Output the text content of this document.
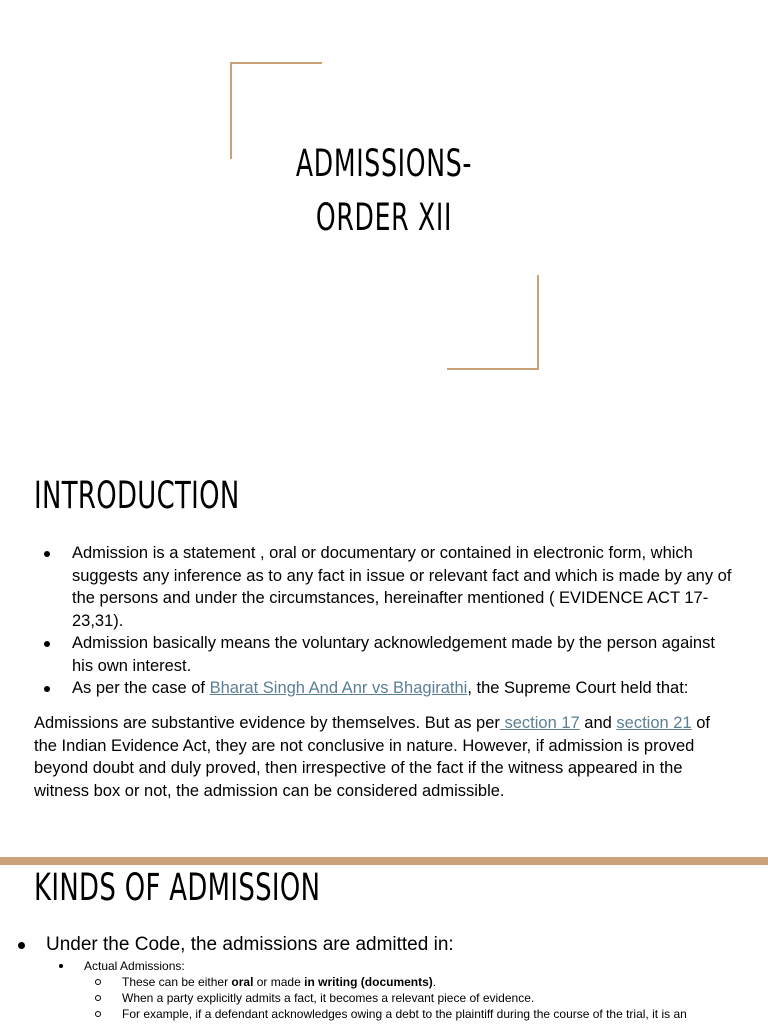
ADMISSIONS-
ORDER XII
INTRODUCTION
Admission is a statement , oral or documentary or contained in electronic form, which suggests any inference as to any fact in issue or relevant fact and which is made by any of the persons and under the circumstances, hereinafter mentioned ( EVIDENCE ACT 17-23,31).
Admission basically means the voluntary acknowledgement made by the person against his own interest.
As per the case of Bharat Singh And Anr vs Bhagirathi, the Supreme Court held that:
Admissions are substantive evidence by themselves. But as per section 17 and section 21 of the Indian Evidence Act, they are not conclusive in nature. However, if admission is proved beyond doubt and duly proved, then irrespective of the fact if the witness appeared in the witness box or not, the admission can be considered admissible.
KINDS OF ADMISSION
Under the Code, the admissions are admitted in:
Actual Admissions:
These can be either oral or made in writing (documents).
When a party explicitly admits a fact, it becomes a relevant piece of evidence.
For example, if a defendant acknowledges owing a debt to the plaintiff during the course of the trial, it is an
